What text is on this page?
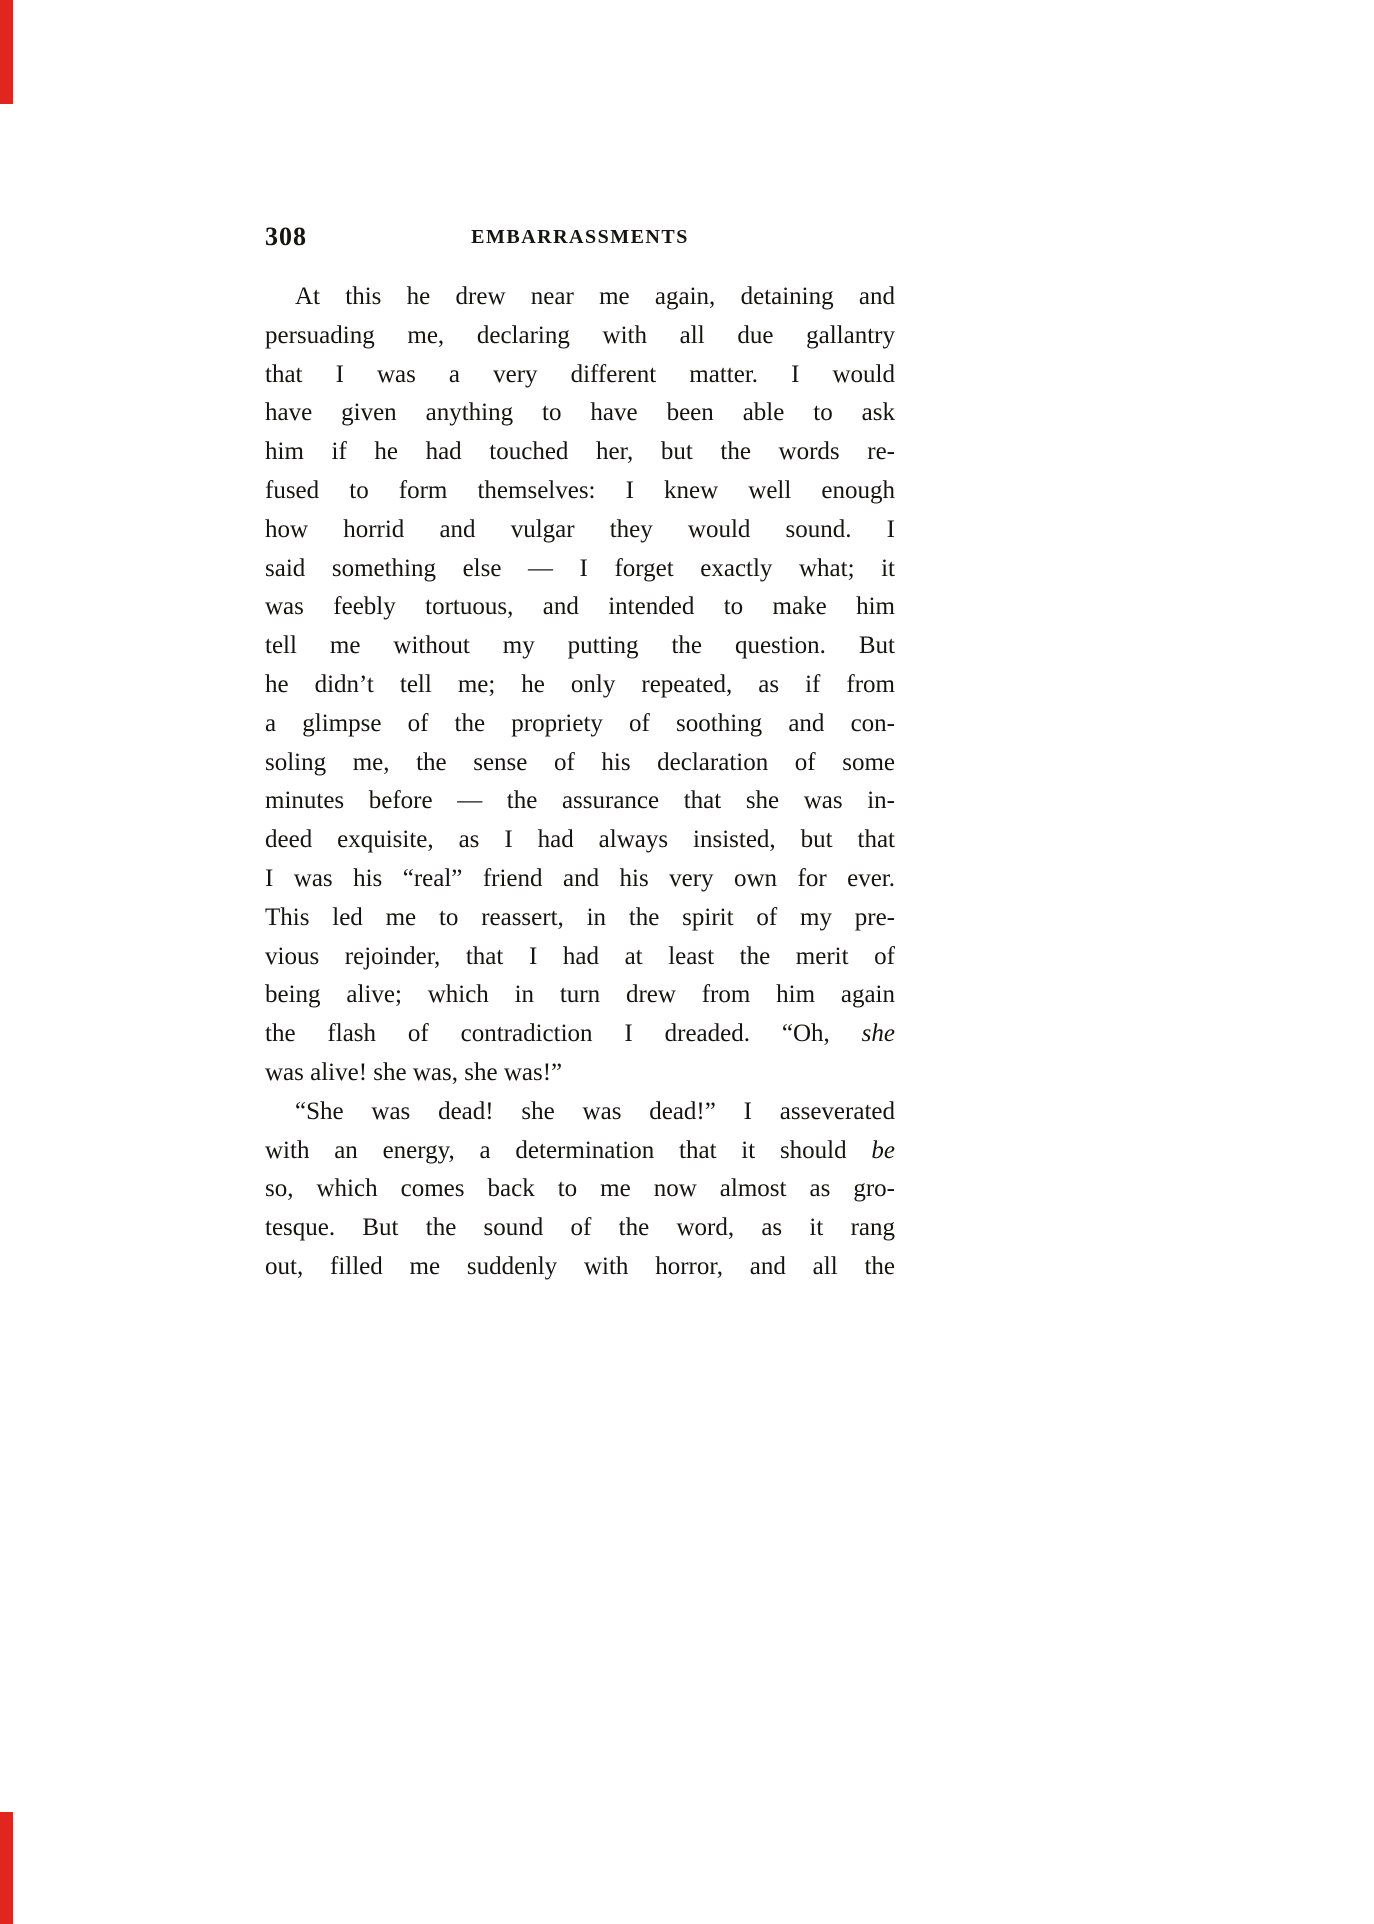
308	EMBARRASSMENTS
At this he drew near me again, detaining and
persuading me, declaring with all due gallantry
that I was a very different matter. I would
have given anything to have been able to ask
him if he had touched her, but the words re-
fused to form themselves: I knew well enough
how horrid and vulgar they would sound. I
said something else — I forget exactly what; it
was feebly tortuous, and intended to make him
tell me without my putting the question. But
he didn’t tell me; he only repeated, as if from
a glimpse of the propriety of soothing and con-
soling me, the sense of his declaration of some
minutes before — the assurance that she was in-
deed exquisite, as I had always insisted, but that
I was his “real” friend and his very own for ever.
This led me to reassert, in the spirit of my pre-
vious rejoinder, that I had at least the merit of
being alive; which in turn drew from him again
the flash of contradiction I dreaded. “Oh, she
was alive! she was, she was!”
“She was dead! she was dead!” I asseverated
with an energy, a determination that it should be
so, which comes back to me now almost as gro-
tesque. But the sound of the word, as it rang
out, filled me suddenly with horror, and all the
